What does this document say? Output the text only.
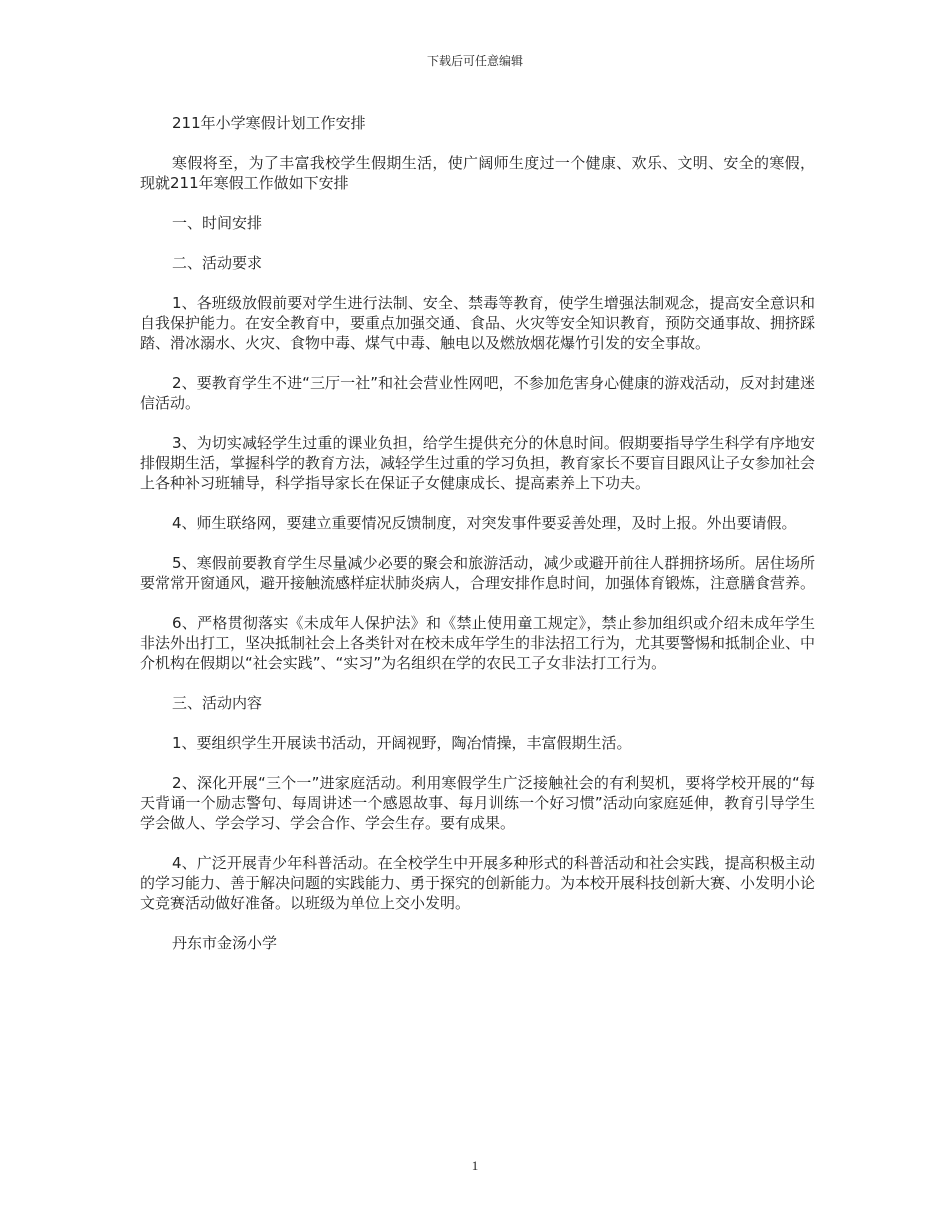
下载后可任意编辑

211年小学寒假计划工作安排

寒假将至，为了丰富我校学生假期生活，使广阔师生度过一个健康、欢乐、文明、安全的寒假，现就211年寒假工作做如下安排

一、时间安排

二、活动要求

1、各班级放假前要对学生进行法制、安全、禁毒等教育，使学生增强法制观念，提高安全意识和自我保护能力。在安全教育中，要重点加强交通、食品、火灾等安全知识教育，预防交通事故、拥挤踩踏、滑冰溺水、火灾、食物中毒、煤气中毒、触电以及燃放烟花爆竹引发的安全事故。

2、要教育学生不进“三厅一社”和社会营业性网吧，不参加危害身心健康的游戏活动，反对封建迷信活动。

3、为切实减轻学生过重的课业负担，给学生提供充分的休息时间。假期要指导学生科学有序地安排假期生活，掌握科学的教育方法，减轻学生过重的学习负担，教育家长不要盲目跟风让子女参加社会上各种补习班辅导，科学指导家长在保证子女健康成长、提高素养上下功夫。

4、师生联络网，要建立重要情况反馈制度，对突发事件要妥善处理，及时上报。外出要请假。

5、寒假前要教育学生尽量减少必要的聚会和旅游活动，减少或避开前往人群拥挤场所。居住场所要常常开窗通风，避开接触流感样症状肺炎病人，合理安排作息时间，加强体育锻炼，注意膳食营养。

6、严格贯彻落实《未成年人保护法》和《禁止使用童工规定》，禁止参加组织或介绍未成年学生非法外出打工，坚决抵制社会上各类针对在校未成年学生的非法招工行为，尤其要警惕和抵制企业、中介机构在假期以“社会实践”、“实习”为名组织在学的农民工子女非法打工行为。

三、活动内容

1、要组织学生开展读书活动，开阔视野，陶冶情操，丰富假期生活。

2、深化开展“三个一”进家庭活动。利用寒假学生广泛接触社会的有利契机，要将学校开展的“每天背诵一个励志警句、每周讲述一个感恩故事、每月训练一个好习惯”活动向家庭延伸，教育引导学生学会做人、学会学习、学会合作、学会生存。要有成果。

4、广泛开展青少年科普活动。在全校学生中开展多种形式的科普活动和社会实践，提高积极主动的学习能力、善于解决问题的实践能力、勇于探究的创新能力。为本校开展科技创新大赛、小发明小论文竞赛活动做好准备。以班级为单位上交小发明。

丹东市金汤小学

1
